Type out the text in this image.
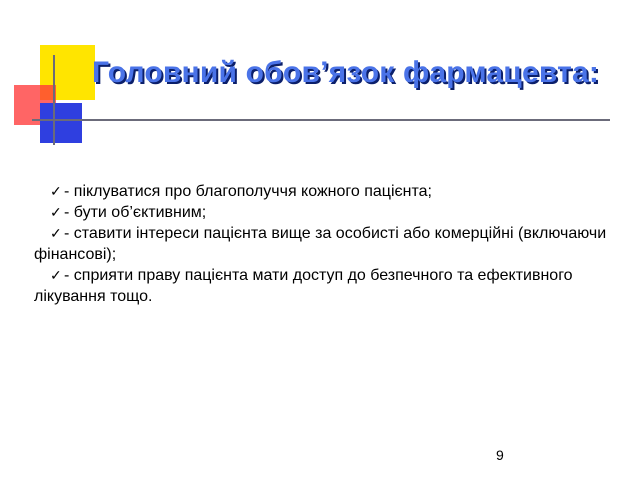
Головний обов’язок фармацевта:
✓ - піклуватися про благополуччя кожного пацієнта;
✓ - бути об’єктивним;
✓ - ставити інтереси пацієнта вище за особисті або комерційні (включаючи фінансові);
✓ - сприяти праву пацієнта мати доступ до безпечного та ефективного лікування тощо.
9
